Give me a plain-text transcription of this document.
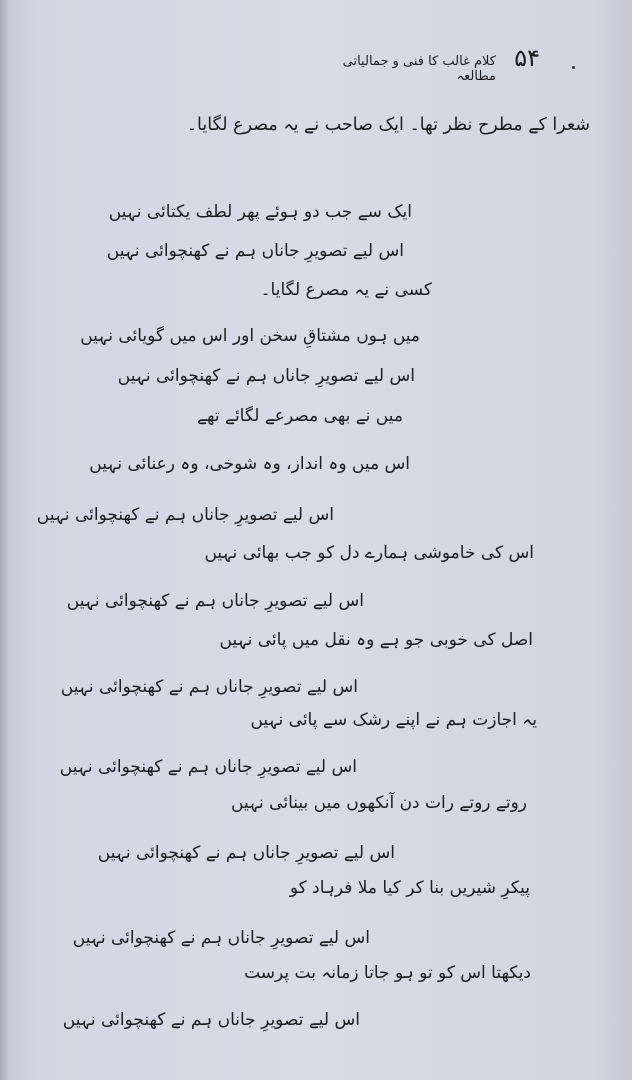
۵۴
کلام غالب کا فنی و جمالیاتی مطالعہ
شعرا کے مطرح نظر تھا۔ ایک صاحب نے یہ مصرع لگایا۔
ایک سے جب دو ہوئے پھر لطف یکتائی نہیں
اس لیے تصویرِ جاناں ہم نے کھنچوائی نہیں
کسی نے یہ مصرع لگایا۔
میں ہوں مشتاقِ سخن اور اس میں گویائی نہیں
اس لیے تصویرِ جاناں ہم نے کھنچوائی نہیں
میں نے بھی مصرعے لگائے تھے
اس میں وہ انداز، وہ شوخی، وہ رعنائی نہیں
اس لیے تصویرِ جاناں ہم نے کھنچوائی نہیں
اس کی خاموشی ہمارے دل کو جب بھائی نہیں
اس لیے تصویرِ جاناں ہم نے کھنچوائی نہیں
اصل کی خوبی جو ہے وہ نقل میں پائی نہیں
اس لیے تصویرِ جاناں ہم نے کھنچوائی نہیں
یہ اجازت ہم نے اپنے رشک سے پائی نہیں
اس لیے تصویرِ جاناں ہم نے کھنچوائی نہیں
روتے روتے رات دن آنکھوں میں بینائی نہیں
اس لیے تصویرِ جاناں ہم نے کھنچوائی نہیں
پیکرِ شیریں بنا کر کیا ملا فرہاد کو
اس لیے تصویرِ جاناں ہم نے کھنچوائی نہیں
دیکھتا اس کو تو ہو جاتا زمانہ بت پرست
اس لیے تصویرِ جاناں ہم نے کھنچوائی نہیں
